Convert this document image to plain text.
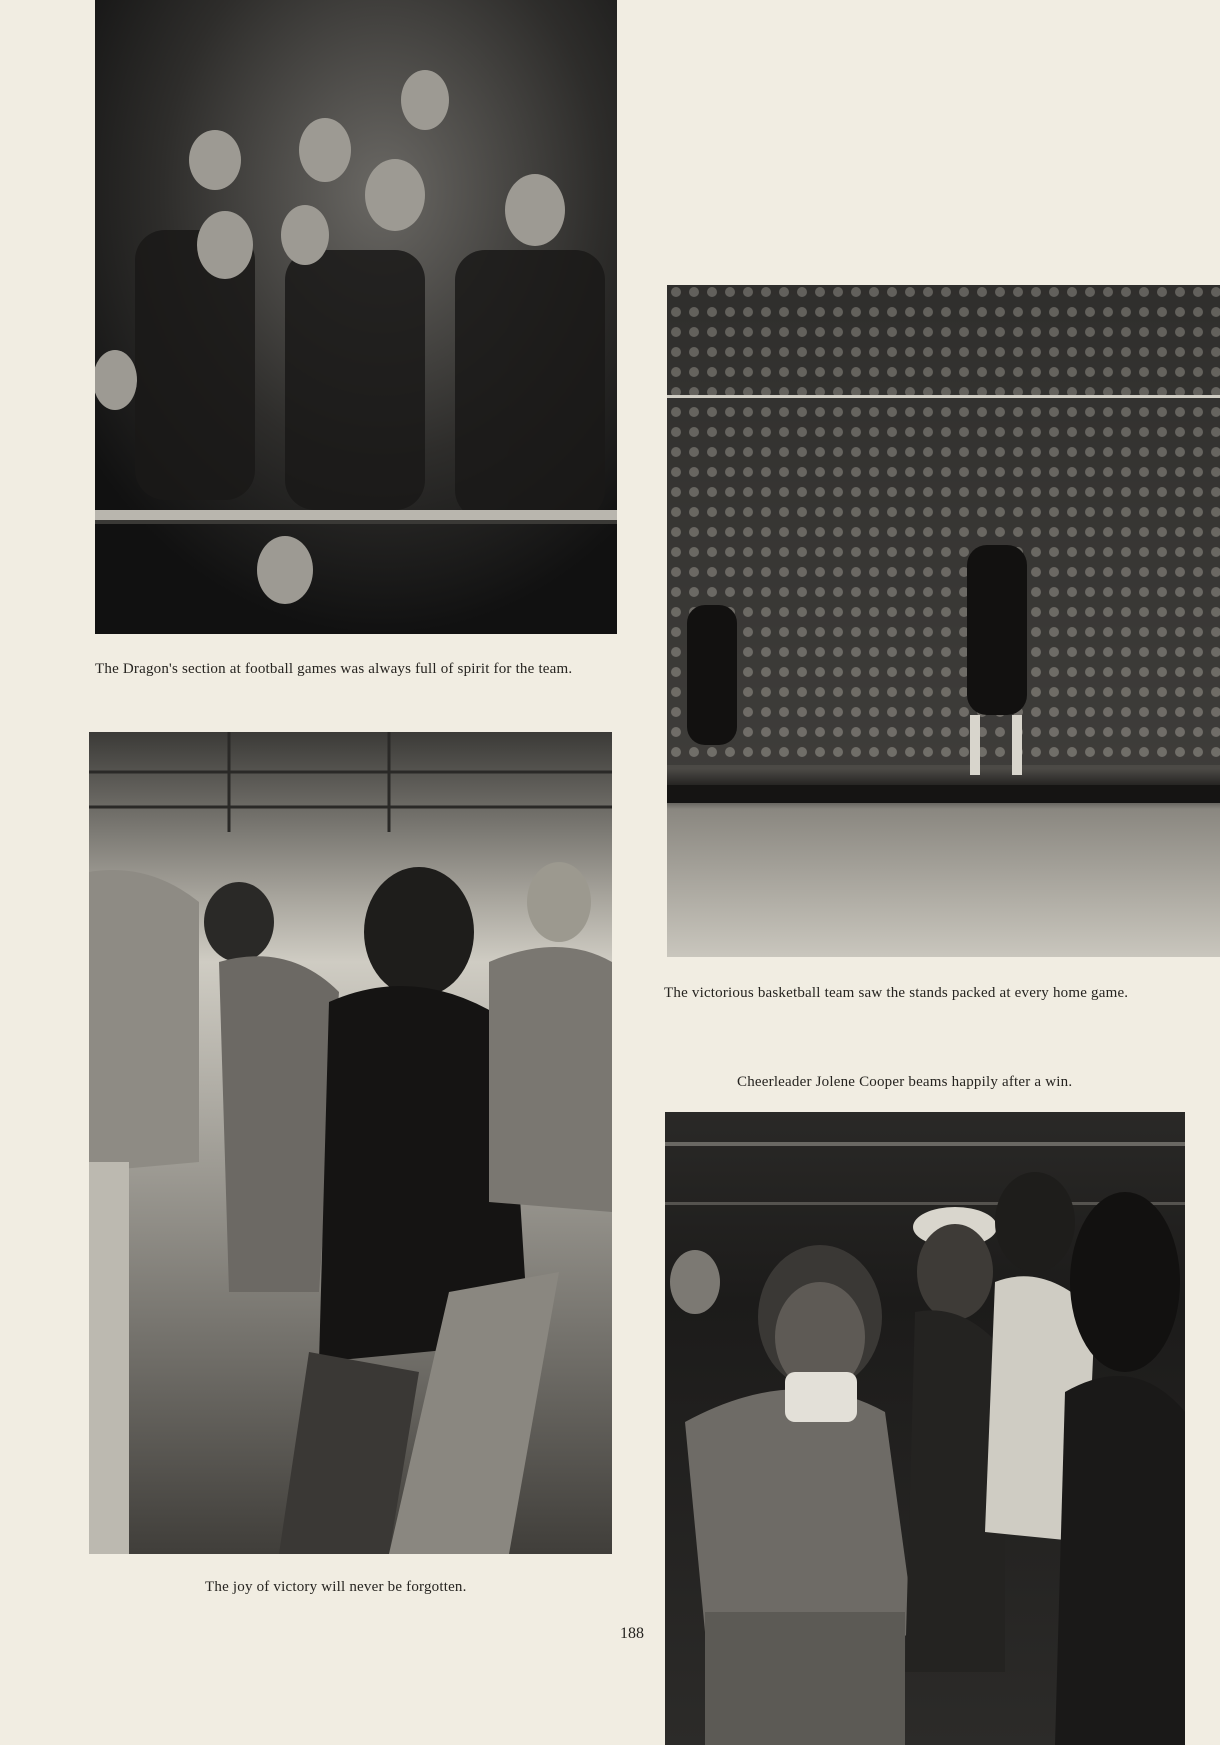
The Dragon's section at football games was always full of spirit for the team.
The victorious basketball team saw the stands packed at every home game.
Cheerleader Jolene Cooper beams happily after a win.
The joy of victory will never be forgotten.
188
